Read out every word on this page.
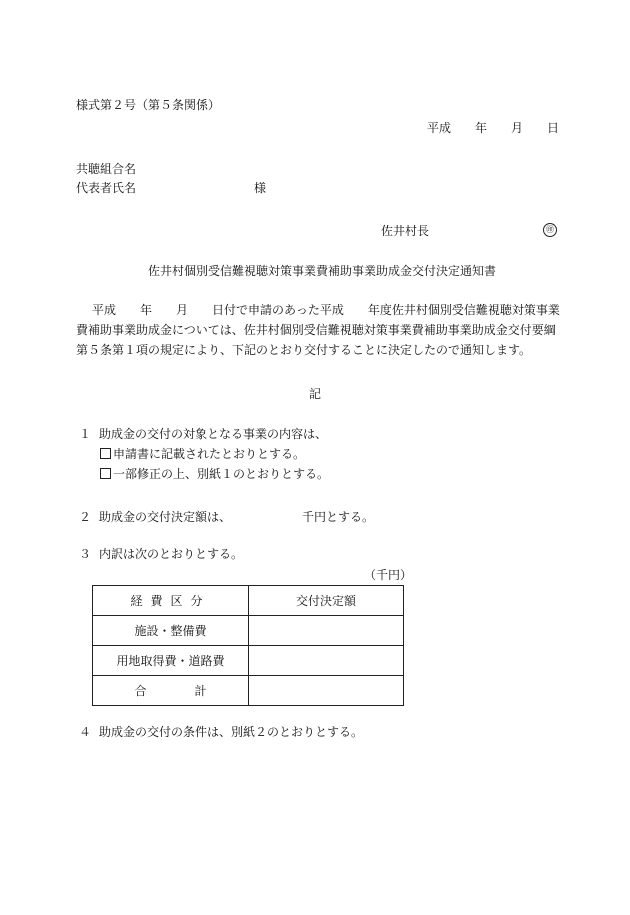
様式第２号（第５条関係）
平成　　年　　月　　日
共聴組合名
代表者氏名	様
佐井村長	㊞
佐井村個別受信難視聴対策事業費補助事業助成金交付決定通知書
平成　　年　　月　　日付で申請のあった平成　　年度佐井村個別受信難視聴対策事業
費補助事業助成金については、佐井村個別受信難視聴対策事業費補助事業助成金交付要綱
第５条第１項の規定により、下記のとおり交付することに決定したので通知します。
記
１ 助成金の交付の対象となる事業の内容は、
申請書に記載されたとおりとする。
一部修正の上、別紙１のとおりとする。
２ 助成金の交付決定額は、	千円とする。
３ 内訳は次のとおりとする。
（千円）
経費区分	交付決定額
施設・整備費	
用地取得費・道路費	
合 計	
４ 助成金の交付の条件は、別紙２のとおりとする。
